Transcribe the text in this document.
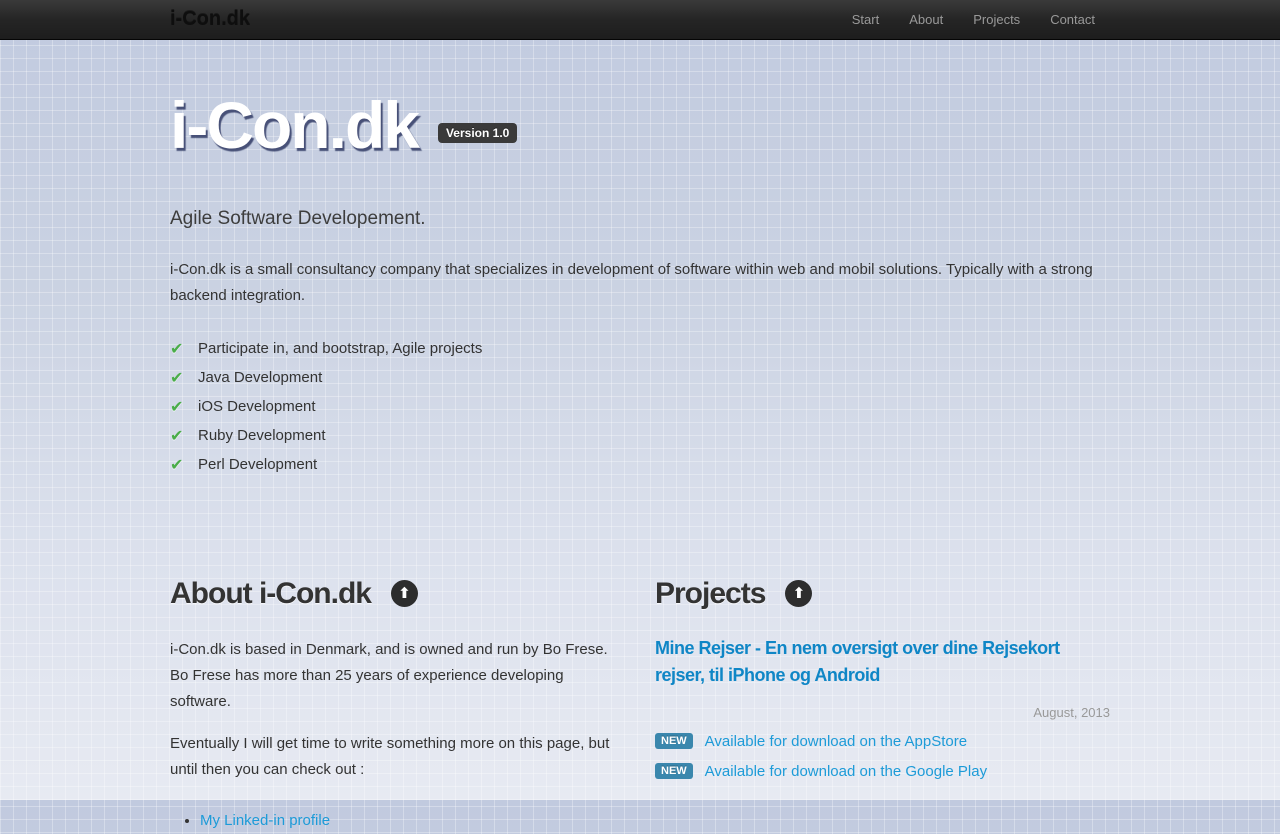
i-Con.dk	Start	About	Projects	Contact
i-Con.dk	Version 1.0
Agile Software Developement.

i-Con.dk is a small consultancy company that specializes in development of software within web and mobil solutions. Typically with a strong backend integration.

✔ Participate in, and bootstrap, Agile projects
✔ Java Development
✔ iOS Development
✔ Ruby Development
✔ Perl Development
About i-Con.dk	⬆

i-Con.dk is based in Denmark, and is owned and run by Bo Frese. Bo Frese has more than 25 years of experience developing software.

Eventually I will get time to write something more on this page, but until then you can check out :

• My Linked-in profile
Projects	⬆
Mine Rejser - En nem oversigt over dine Rejsekort rejser, til iPhone og Android
August, 2013
NEW	Available for download on the AppStore
NEW	Available for download on the Google Play
